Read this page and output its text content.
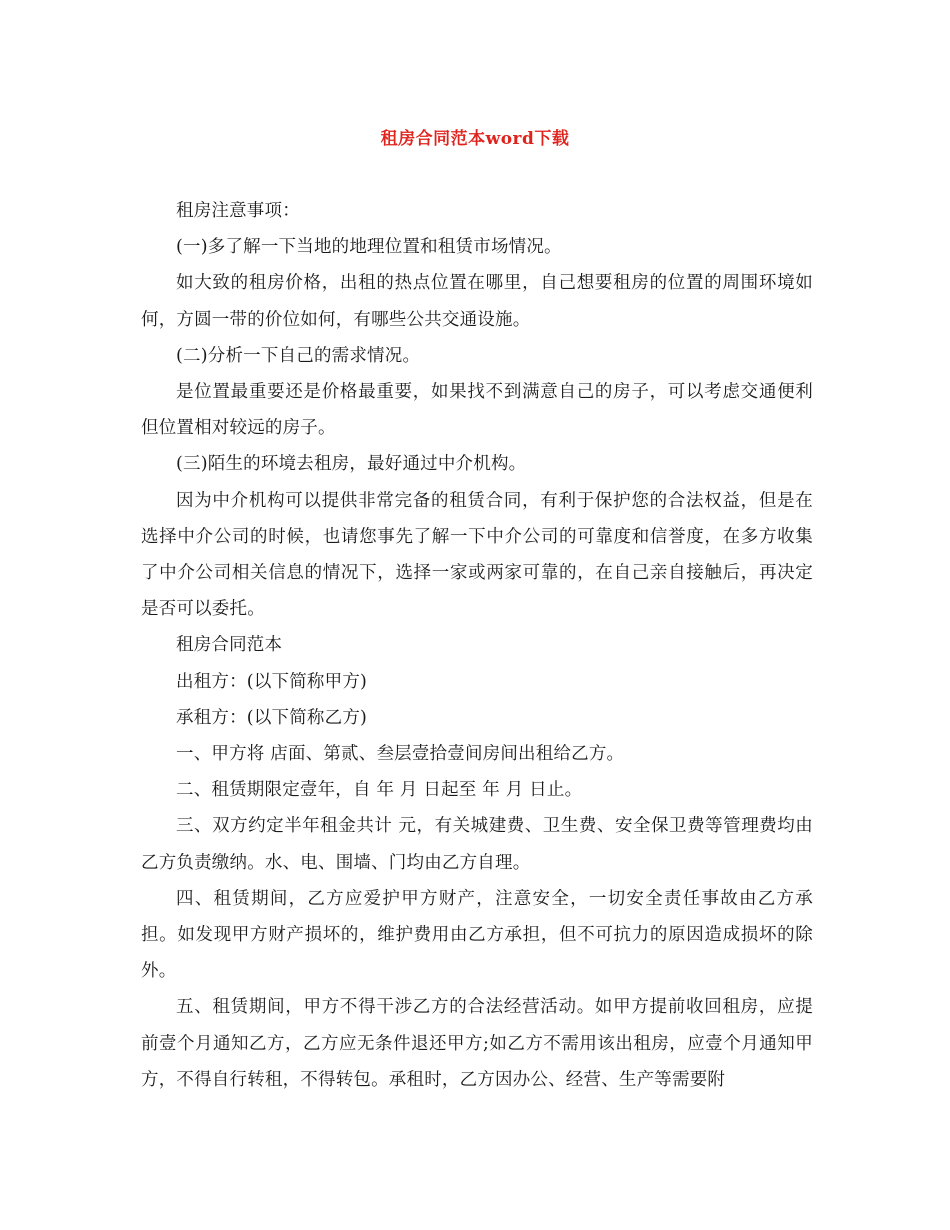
租房合同范本word下载

租房注意事项：

(一)多了解一下当地的地理位置和租赁市场情况。

如大致的租房价格，出租的热点位置在哪里，自己想要租房的位置的周围环境如何，方圆一带的价位如何，有哪些公共交通设施。

(二)分析一下自己的需求情况。

是位置最重要还是价格最重要，如果找不到满意自己的房子，可以考虑交通便利但位置相对较远的房子。

(三)陌生的环境去租房，最好通过中介机构。

因为中介机构可以提供非常完备的租赁合同，有利于保护您的合法权益，但是在选择中介公司的时候，也请您事先了解一下中介公司的可靠度和信誉度，在多方收集了中介公司相关信息的情况下，选择一家或两家可靠的，在自己亲自接触后，再决定是否可以委托。

租房合同范本

出租方：(以下简称甲方)

承租方：(以下简称乙方)

一、甲方将 店面、第贰、叁层壹拾壹间房间出租给乙方。

二、租赁期限定壹年，自 年 月 日起至 年 月 日止。

三、双方约定半年租金共计 元，有关城建费、卫生费、安全保卫费等管理费均由乙方负责缴纳。水、电、围墙、门均由乙方自理。

四、租赁期间，乙方应爱护甲方财产，注意安全，一切安全责任事故由乙方承担。如发现甲方财产损坏的，维护费用由乙方承担，但不可抗力的原因造成损坏的除外。

五、租赁期间，甲方不得干涉乙方的合法经营活动。如甲方提前收回租房，应提前壹个月通知乙方，乙方应无条件退还甲方;如乙方不需用该出租房，应壹个月通知甲方，不得自行转租，不得转包。承租时，乙方因办公、经营、生产等需要附
